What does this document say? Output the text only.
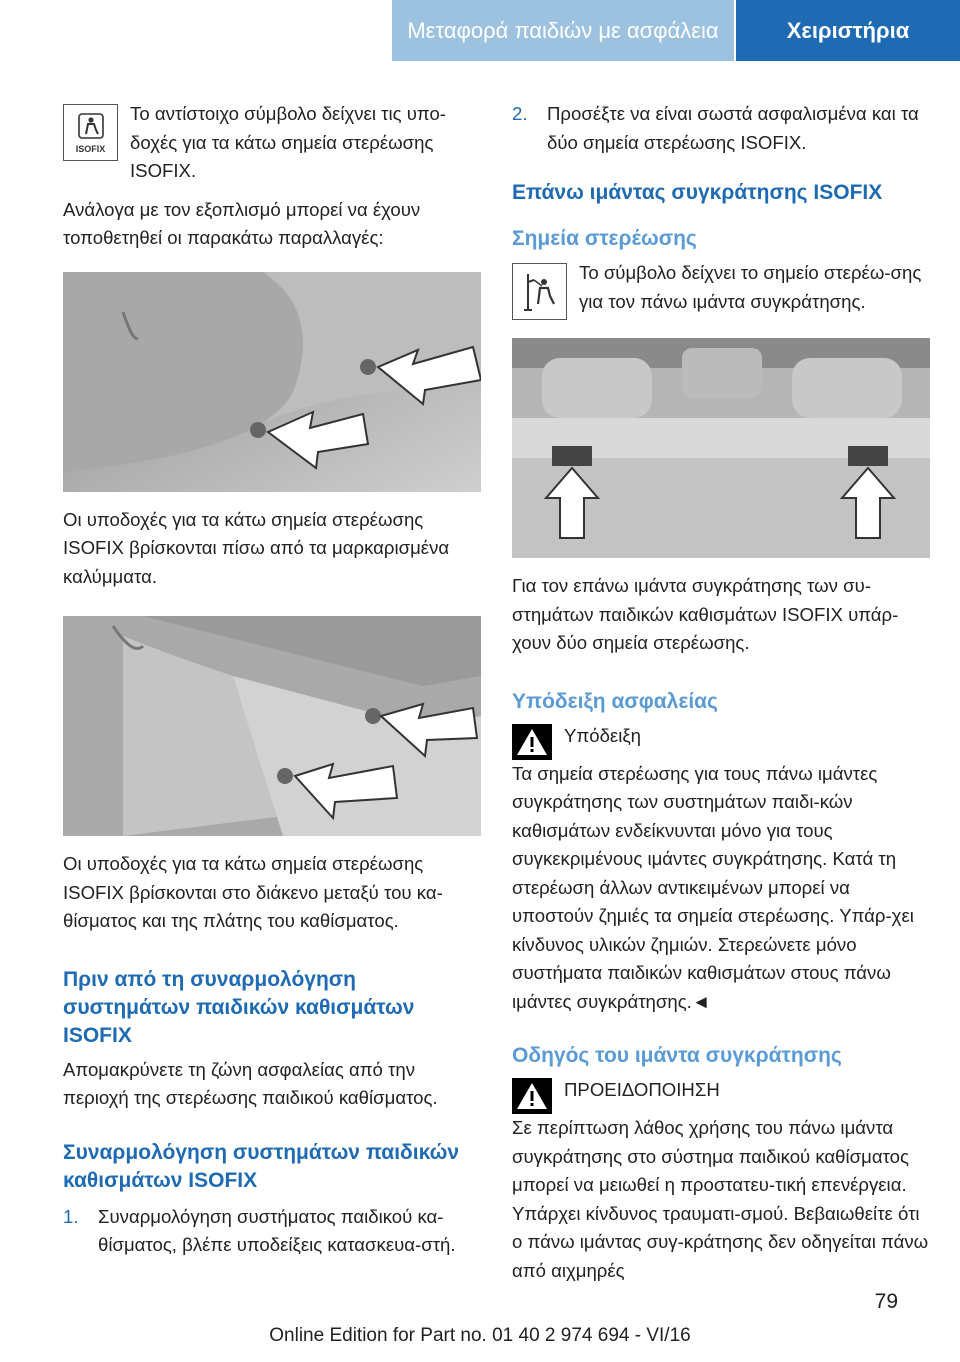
Μεταφορά παιδιών με ασφάλεια	Χειριστήρια
ISOFIX

Το αντίστοιχο σύμβολο δείχνει τις υπο‐δοχές για τα κάτω σημεία στερέωσης ISOFIX.

Ανάλογα με τον εξοπλισμό μπορεί να έχουν τοποθετηθεί οι παρακάτω παραλλαγές:

Οι υποδοχές για τα κάτω σημεία στερέωσης ISOFIX βρίσκονται πίσω από τα μαρκαρισμένα καλύμματα.

Οι υποδοχές για τα κάτω σημεία στερέωσης ISOFIX βρίσκονται στο διάκενο μεταξύ του κα‐θίσματος και της πλάτης του καθίσματος.

Πριν από τη συναρμολόγηση συστημάτων παιδικών καθισμάτων ISOFIX

Απομακρύνετε τη ζώνη ασφαλείας από την περιοχή της στερέωσης παιδικού καθίσματος.

Συναρμολόγηση συστημάτων παιδικών καθισμάτων ISOFIX
1.	Συναρμολόγηση συστήματος παιδικού κα‐θίσματος, βλέπε υποδείξεις κατασκευα‐στή.
2.	Προσέξτε να είναι σωστά ασφαλισμένα και τα δύο σημεία στερέωσης ISOFIX.
Επάνω ιμάντας συγκράτησης ISOFIX
Σημεία στερέωσης

Το σύμβολο δείχνει το σημείο στερέω‐σης για τον πάνω ιμάντα συγκράτησης.

Για τον επάνω ιμάντα συγκράτησης των συ‐στημάτων παιδικών καθισμάτων ISOFIX υπάρ‐χουν δύο σημεία στερέωσης.

Υπόδειξη ασφαλείας

Υπόδειξη

Τα σημεία στερέωσης για τους πάνω ιμάντες συγκράτησης των συστημάτων παιδι‐κών καθισμάτων ενδείκνυνται μόνο για τους συγκεκριμένους ιμάντες συγκράτησης. Κατά τη στερέωση άλλων αντικειμένων μπορεί να υποστούν ζημιές τα σημεία στερέωσης. Υπάρ‐χει κίνδυνος υλικών ζημιών. Στερεώνετε μόνο συστήματα παιδικών καθισμάτων στους πάνω ιμάντες συγκράτησης.◄

Οδηγός του ιμάντα συγκράτησης

ΠΡΟΕΙΔΟΠΟΙΗΣΗ

Σε περίπτωση λάθος χρήσης του πάνω ιμάντα συγκράτησης στο σύστημα παιδικού καθίσματος μπορεί να μειωθεί η προστατευ‐τική επενέργεια. Υπάρχει κίνδυνος τραυματι‐σμού. Βεβαιωθείτε ότι ο πάνω ιμάντας συγ‐κράτησης δεν οδηγείται πάνω από αιχμηρές

79
Online Edition for Part no. 01 40 2 974 694 - VI/16
